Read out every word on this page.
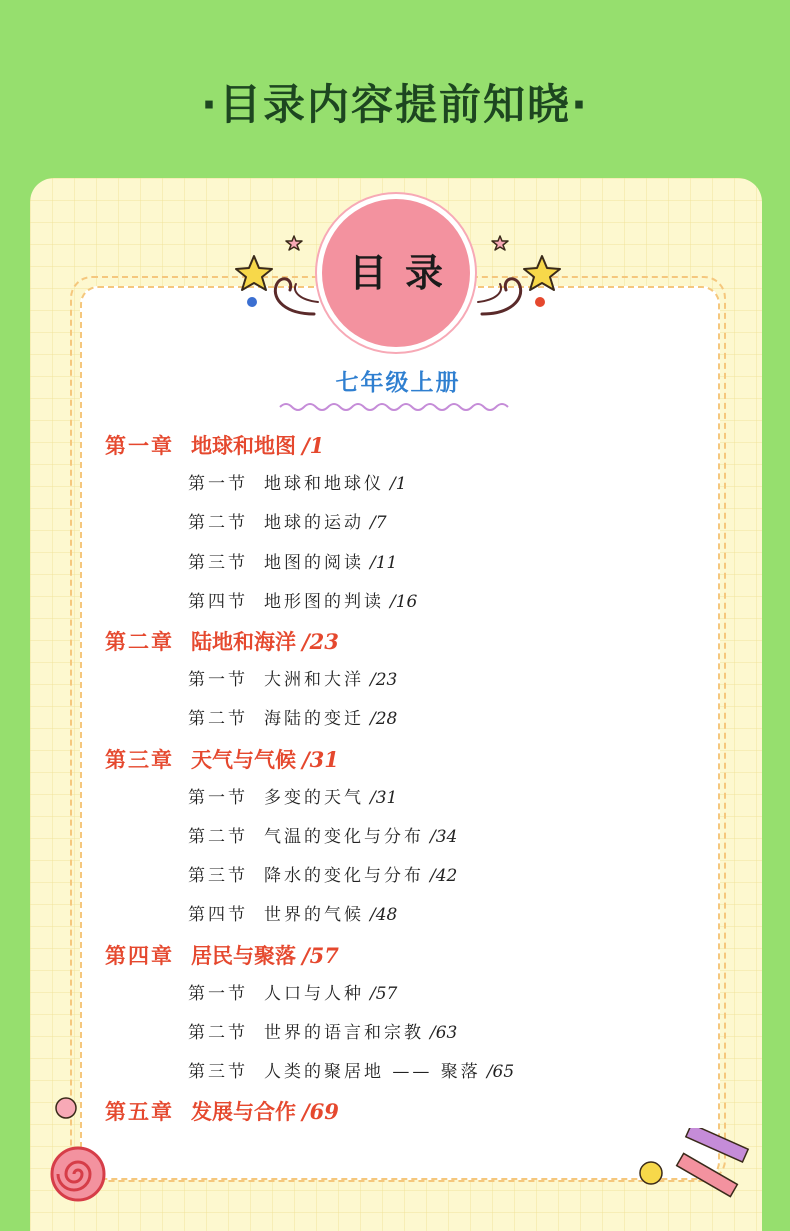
·目录内容提前知晓·
目录
七年级上册
第一章 地球和地图 /1
第一节 地球和地球仪 /1
第二节 地球的运动 /7
第三节 地图的阅读 /11
第四节 地形图的判读 /16
第二章 陆地和海洋 /23
第一节 大洲和大洋 /23
第二节 海陆的变迁 /28
第三章 天气与气候 /31
第一节 多变的天气 /31
第二节 气温的变化与分布 /34
第三节 降水的变化与分布 /42
第四节 世界的气候 /48
第四章 居民与聚落 /57
第一节 人口与人种 /57
第二节 世界的语言和宗教 /63
第三节 人类的聚居地 —— 聚落 /65
第五章 发展与合作 /69
